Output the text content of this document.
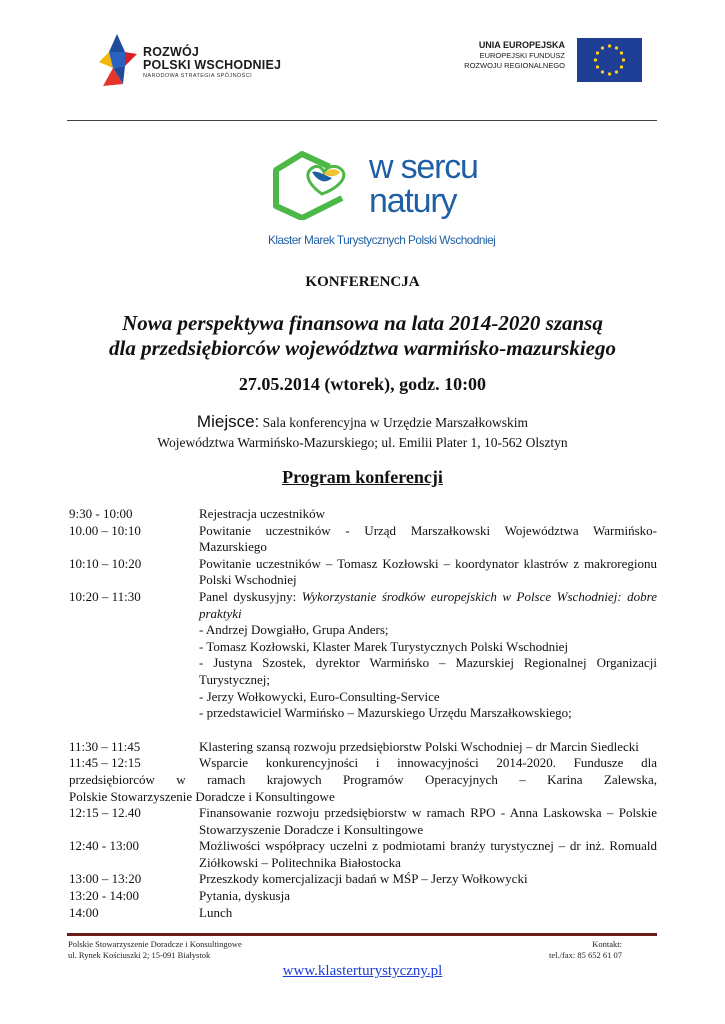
ROZWÓJ
POLSKI WSCHODNIEJ
NARODOWA STRATEGIA SPÓJNOŚCI
UNIA EUROPEJSKA
EUROPEJSKI FUNDUSZ
ROZWOJU REGIONALNEGO
w sercu
natury
Klaster Marek Turystycznych Polski Wschodniej
KONFERENCJA
Nowa perspektywa finansowa na lata 2014-2020 szansą
dla przedsiębiorców województwa warmińsko-mazurskiego
27.05.2014 (wtorek), godz. 10:00
Miejsce: Sala konferencyjna w Urzędzie Marszałkowskim
Województwa Warmińsko-Mazurskiego; ul. Emilii Plater 1, 10-562 Olsztyn
Program konferencji
9:30 - 10:00	Rejestracja uczestników
10.00 – 10:10	Powitanie uczestników - Urząd Marszałkowski Województwa Warmińsko-
Mazurskiego
10:10 – 10:20	Powitanie uczestników – Tomasz Kozłowski – koordynator klastrów z makroregionu
Polski Wschodniej
10:20 – 11:30	Panel dyskusyjny: Wykorzystanie środków europejskich w Polsce Wschodniej: dobre
praktyki
- Andrzej Dowgiałło, Grupa Anders;
- Tomasz Kozłowski, Klaster Marek Turystycznych Polski Wschodniej
- Justyna Szostek, dyrektor Warmińsko – Mazurskiej Regionalnej Organizacji
Turystycznej;
- Jerzy Wołkowycki, Euro-Consulting-Service
- przedstawiciel Warmińsko – Mazurskiego Urzędu Marszałkowskiego;
11:30 – 11:45	Klastering szansą rozwoju przedsiębiorstw Polski Wschodniej – dr Marcin Siedlecki
11:45 – 12:15	Wsparcie konkurencyjności i innowacyjności 2014-2020. Fundusze dla
przedsiębiorców w ramach krajowych Programów Operacyjnych – Karina Zalewska,
Polskie Stowarzyszenie Doradcze i Konsultingowe
12:15 – 12.40	Finansowanie rozwoju przedsiębiorstw w ramach RPO - Anna Laskowska – Polskie
Stowarzyszenie Doradcze i Konsultingowe
12:40 - 13:00	Możliwości współpracy uczelni z podmiotami branży turystycznej – dr inż. Romuald
Ziółkowski – Politechnika Białostocka
13:00 – 13:20	Przeszkody komercjalizacji badań w MŚP – Jerzy Wołkowycki
13:20 - 14:00	Pytania, dyskusja
14:00	Lunch
Polskie Stowarzyszenie Doradcze i Konsultingowe
ul. Rynek Kościuszki 2; 15-091 Białystok
Kontakt:
tel./fax: 85 652 61 07
www.klasterturystyczny.pl
